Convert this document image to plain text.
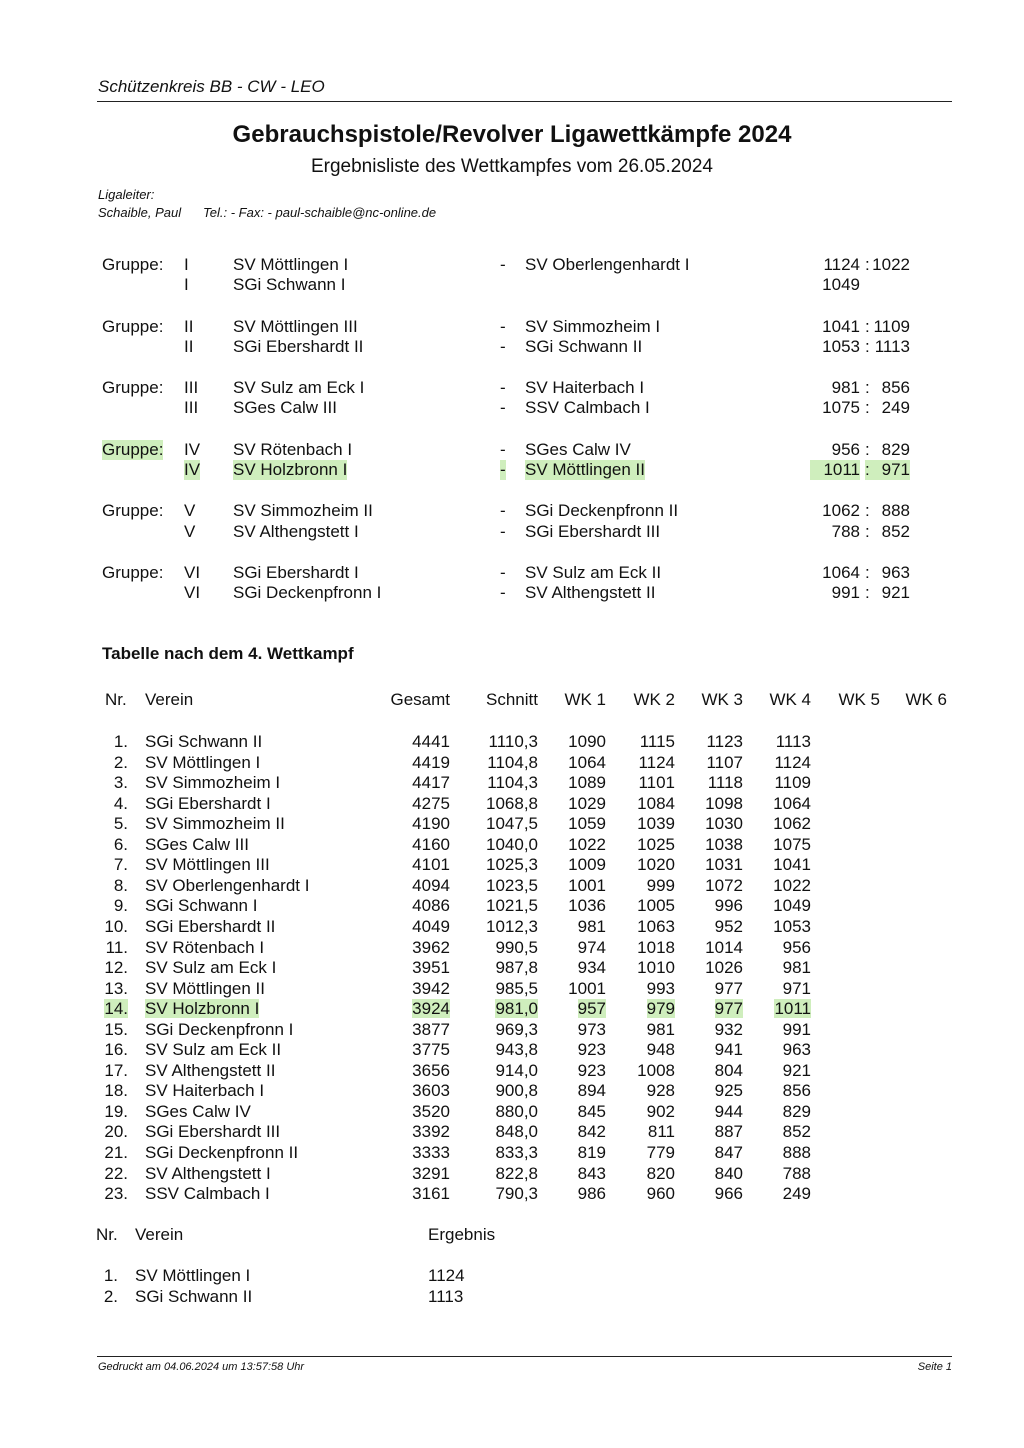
Schützenkreis BB - CW - LEO
Gebrauchspistole/Revolver Ligawettkämpfe 2024
Ergebnisliste des Wettkampfes vom 26.05.2024
Ligaleiter:
Schaible, Paul Tel.: - Fax: - paul-schaible@nc-online.de
Gruppe: I	SV Möttlingen I	- SV Oberlengenhardt I	1124 : 1022
I	SGi Schwann I	1049
Gruppe: II SV Möttlingen III	- SV Simmozheim I	1041 : 1109
II SGi Ebershardt II	- SGi Schwann II	1053 : 1113
Gruppe: III SV Sulz am Eck I	- SV Haiterbach I	981 : 856
III SGes Calw III	- SSV Calmbach I	1075 : 249
Gruppe: IV SV Rötenbach I	- SGes Calw IV	956 : 829
IV SV Holzbronn I	- SV Möttlingen II	1011 : 971
Gruppe: V SV Simmozheim II	- SGi Deckenpfronn II	1062 : 888
V SV Althengstett I	- SGi Ebershardt III	788 : 852
Gruppe: VI SGi Ebershardt I	- SV Sulz am Eck II	1064 : 963
VI SGi Deckenpfronn I	- SV Althengstett II	991 : 921
Tabelle nach dem 4. Wettkampf
Nr. Verein	Gesamt	Schnitt	WK 1	WK 2	WK 3	WK 4	WK 5	WK 6
1. SGi Schwann II	4441	1110,3	1090	1115	1123	1113
2. SV Möttlingen I	4419	1104,8	1064	1124	1107	1124
3. SV Simmozheim I	4417	1104,3	1089	1101	1118	1109
4. SGi Ebershardt I	4275	1068,8	1029	1084	1098	1064
5. SV Simmozheim II	4190	1047,5	1059	1039	1030	1062
6. SGes Calw III	4160	1040,0	1022	1025	1038	1075
7. SV Möttlingen III	4101	1025,3	1009	1020	1031	1041
8. SV Oberlengenhardt I	4094	1023,5	1001	999	1072	1022
9. SGi Schwann I	4086	1021,5	1036	1005	996	1049
10. SGi Ebershardt II	4049	1012,3	981	1063	952	1053
11. SV Rötenbach I	3962	990,5	974	1018	1014	956
12. SV Sulz am Eck I	3951	987,8	934	1010	1026	981
13. SV Möttlingen II	3942	985,5	1001	993	977	971
14. SV Holzbronn I	3924	981,0	957	979	977	1011
15. SGi Deckenpfronn I	3877	969,3	973	981	932	991
16. SV Sulz am Eck II	3775	943,8	923	948	941	963
17. SV Althengstett II	3656	914,0	923	1008	804	921
18. SV Haiterbach I	3603	900,8	894	928	925	856
19. SGes Calw IV	3520	880,0	845	902	944	829
20. SGi Ebershardt III	3392	848,0	842	811	887	852
21. SGi Deckenpfronn II	3333	833,3	819	779	847	888
22. SV Althengstett I	3291	822,8	843	820	840	788
23. SSV Calmbach I	3161	790,3	986	960	966	249
Nr. Verein	Ergebnis
1. SV Möttlingen I	1124
2. SGi Schwann II	1113
Gedruckt am 04.06.2024 um 13:57:58 Uhr	Seite 1
